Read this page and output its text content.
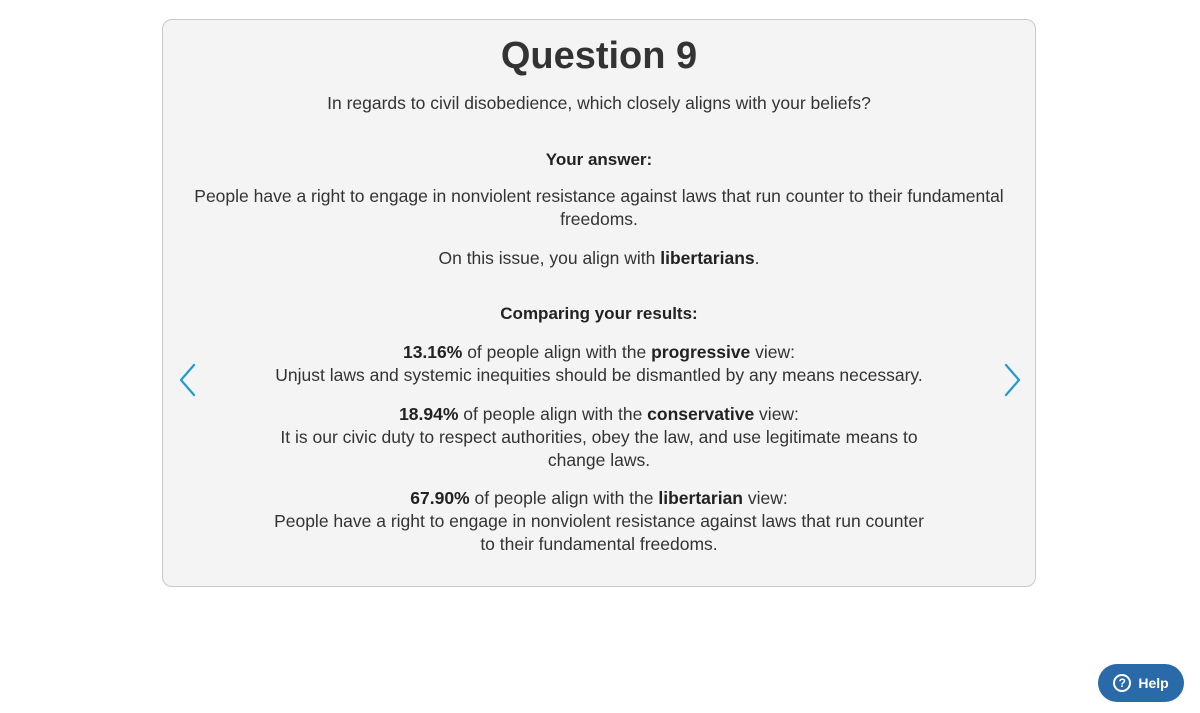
Question 9
In regards to civil disobedience, which closely aligns with your beliefs?
Your answer:
People have a right to engage in nonviolent resistance against laws that run counter to their fundamental freedoms.
On this issue, you align with libertarians.
Comparing your results:
13.16% of people align with the progressive view:
Unjust laws and systemic inequities should be dismantled by any means necessary.
18.94% of people align with the conservative view:
It is our civic duty to respect authorities, obey the law, and use legitimate means to change laws.
67.90% of people align with the libertarian view:
People have a right to engage in nonviolent resistance against laws that run counter to their fundamental freedoms.
? Help
